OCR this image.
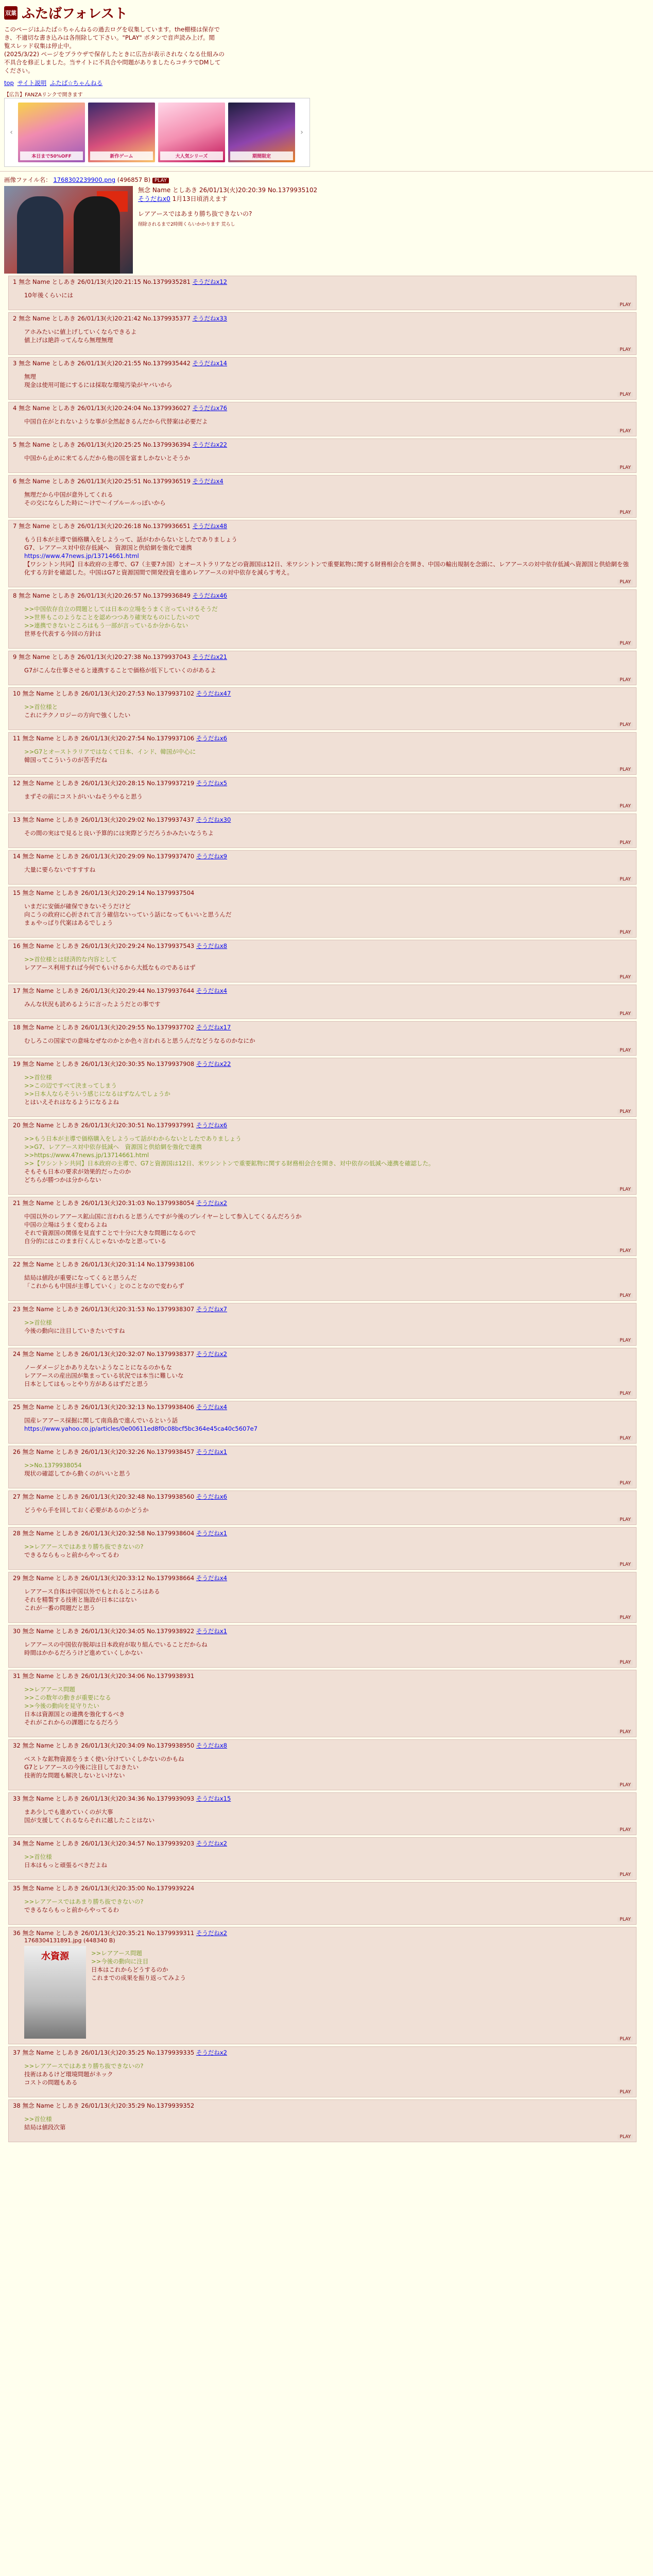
双葉 ふたばフォレスト
このページはふたば☆ちゃんねるの過去ログを収集しています。the棚様は保存で
き、不適切な書き込みは各削除して下さい。"PLAY" ボタンで音声読み上げ。閲
覧スレッド収集は停止中。
(2025/3/22) ページをブラウザで保存したときに広告が表示されなくなる仕組みの
不具合を修正しました。当サイトに不具合や問題がありましたらコチラでDMして
ください。
top サイト説明 ふたば☆ちゃんねる
【広告】FANZAリンクで開きます
‹
本日まで50%OFF	新作ゲーム	大人気シリーズ	期間限定
›
画像ファイル名： 1768302239900.png (496857 B) PLAY
無念 Name としあき 26/01/13(火)20:20:39 No.1379935102
そうだねx0 1月13日頃消えます
レアアースではあまり勝ち抜できないの?
削除されるまで2時間くらいかかります 荒らし
1 無念 Name としあき 26/01/13(火)20:21:15 No.1379935281 そうだねx12
10年後くらいには
PLAY
2 無念 Name としあき 26/01/13(火)20:21:42 No.1379935377 そうだねx33
アホみたいに値上げしていくならできるよ
値上げは絶許ってんなら無理無理
PLAY
3 無念 Name としあき 26/01/13(火)20:21:55 No.1379935442 そうだねx14
無理
現金は使用可能にするには採取な環境汚染がヤバいから
PLAY
4 無念 Name としあき 26/01/13(火)20:24:04 No.1379936027 そうだねx76
中国自在がとれないような事が全然起きるんだから代替案は必要だよ
PLAY
5 無念 Name としあき 26/01/13(火)20:25:25 No.1379936394 そうだねx22
中国から止めに来てるんだから他の国を富ましかないとそうか
PLAY
6 無念 Name としあき 26/01/13(火)20:25:51 No.1379936519 そうだねx4
無理だから中国が意外してくれる
その交にならした時に〜けで〜イプルールっぽいから
PLAY
7 無念 Name としあき 26/01/13(火)20:26:18 No.1379936651 そうだねx48
もう日本が主導で価格購入をしようって、話がわからないとしたでありましょう
G7、レアアース対中依存低減へ　資源国と供給網を強化で連携
https://www.47news.jp/13714661.html
【ワシントン共同】日本政府の主導で、G7（主要7カ国）とオーストラリアなどの資源国は12日、米ワシントンで重要鉱物に関する財務相会合を開き、中国の輸出規制を念頭に、レアアースの対中依存低減へ資源国と供給網を強化する方針を確認した。中国はG7と資源国間で開発投資を進めレアアースの対中依存を減らす考え。
PLAY
8 無念 Name としあき 26/01/13(火)20:26:57 No.1379936849 そうだねx46
>>中国依存自立の問題としては日本の立場をうまく言っていけるそうだ
>>世界もこのようなことを認めつつあり確実なものにしたいので
>>連携できないところはもう一部が言っているか分からない
世界を代表する今回の方針は
PLAY
9 無念 Name としあき 26/01/13(火)20:27:38 No.1379937043 そうだねx21
G7がこんな仕事させると連携することで価格が低下していくのがあるよ
PLAY
10 無念 Name としあき 26/01/13(火)20:27:53 No.1379937102 そうだねx47
>>首位様と
これにテクノロジーの方向で強くしたい
PLAY
11 無念 Name としあき 26/01/13(火)20:27:54 No.1379937106 そうだねx6
>>G7とオーストラリアではなくて日本、インド、韓国が中心に
韓国ってこういうのが苦手だね
PLAY
12 無念 Name としあき 26/01/13(火)20:28:15 No.1379937219 そうだねx5
まずその前にコストがいいねそうやると思う
PLAY
13 無念 Name としあき 26/01/13(火)20:29:02 No.1379937437 そうだねx30
その間の実はで見ると良い予算的には実際どうだろうかみたいなうちよ
PLAY
14 無念 Name としあき 26/01/13(火)20:29:09 No.1379937470 そうだねx9
大量に要らないですすすね
PLAY
15 無念 Name としあき 26/01/13(火)20:29:14 No.1379937504
いまだに安価が確保できないそうだけど
向こうの政府に心折されて言う確信ないっていう話になってもいいと思うんだ
まぁやっぱり代案はあるでしょう
PLAY
16 無念 Name としあき 26/01/13(火)20:29:24 No.1379937543 そうだねx8
>>首位様とは経済的な内容として
レアアース利用すれば今何でもいけるから大抵なものであるはず
PLAY
17 無念 Name としあき 26/01/13(火)20:29:44 No.1379937644 そうだねx4
みんな状況も読めるように言ったようだとの事です
PLAY
18 無念 Name としあき 26/01/13(火)20:29:55 No.1379937702 そうだねx17
むしろこの国家での意味なぜなのかとか色々言われると思うんだなどうなるのかなにか
PLAY
19 無念 Name としあき 26/01/13(火)20:30:35 No.1379937908 そうだねx22
>>首位様
>>この辺ですべて決まってしまう
>>日本人ならそういう感じになるはずなんでしょうか
とはいえそれはなるようになるよね
PLAY
20 無念 Name としあき 26/01/13(火)20:30:51 No.1379937991 そうだねx6
>>もう日本が主導で価格購入をしようって話がわからないとしたでありましょう
>>G7、レアアース対中依存低減へ　資源国と供給網を強化で連携
>>https://www.47news.jp/13714661.html
>>【ワシントン共同】日本政府の主導で、G7と資源国は12日、米ワシントンで重要鉱物に関する財務相会合を開き、対中依存の低減へ連携を確認した。
そもそも日本の要求が効果的だったのか
どちらが勝つかは分からない
PLAY
21 無念 Name としあき 26/01/13(火)20:31:03 No.1379938054 そうだねx2
中国以外のレアアース鉱山国に言われると思うんですが今後のプレイヤーとして参入してくるんだろうか
中国の立場はうまく変わるよね
それで資源国の関係を見直すことで十分に大きな問題になるので
自分的にはこのまま行くんじゃないかなと思っている
PLAY
22 無念 Name としあき 26/01/13(火)20:31:14 No.1379938106
結局は値段が重要になってくると思うんだ
「これからも中国が主導していく」とのことなので変わらず
PLAY
23 無念 Name としあき 26/01/13(火)20:31:53 No.1379938307 そうだねx7
>>首位様
今後の動向に注目していきたいですね
PLAY
24 無念 Name としあき 26/01/13(火)20:32:07 No.1379938377 そうだねx2
ノーダメージとかありえないようなことになるのかもな
レアアースの産出国が集まっている状況では本当に難しいな
日本としてはもっとやり方があるはずだと思う
PLAY
25 無念 Name としあき 26/01/13(火)20:32:13 No.1379938406 そうだねx4
国産レアアース採掘に関して南鳥島で進んでいるという話
https://www.yahoo.co.jp/articles/0e00611ed8f0c08bcf5bc364e45ca40c5607e7
PLAY
26 無念 Name としあき 26/01/13(火)20:32:26 No.1379938457 そうだねx1
>>No.1379938054
現状の確認してから動くのがいいと思う
PLAY
27 無念 Name としあき 26/01/13(火)20:32:48 No.1379938560 そうだねx6
どうやら手を回しておく必要があるのかどうか
PLAY
28 無念 Name としあき 26/01/13(火)20:32:58 No.1379938604 そうだねx1
>>レアアースではあまり勝ち抜できないの?
できるならもっと前からやってるわ
PLAY
29 無念 Name としあき 26/01/13(火)20:33:12 No.1379938664 そうだねx4
レアアース自体は中国以外でもとれるところはある
それを精製する技術と施設が日本にはない
これが一番の問題だと思う
PLAY
30 無念 Name としあき 26/01/13(火)20:34:05 No.1379938922 そうだねx1
レアアースの中国依存脱却は日本政府が取り組んでいることだからね
時間はかかるだろうけど進めていくしかない
PLAY
31 無念 Name としあき 26/01/13(火)20:34:06 No.1379938931
>>レアアース問題
>>この数年の動きが重要になる
>>今後の動向を見守りたい
日本は資源国との連携を強化するべき
それがこれからの課題になるだろう
PLAY
32 無念 Name としあき 26/01/13(火)20:34:09 No.1379938950 そうだねx8
ベストな鉱物資源をうまく使い分けていくしかないのかもね
G7とレアアースの今後に注目しておきたい
技術的な問題も解決しないといけない
PLAY
33 無念 Name としあき 26/01/13(火)20:34:36 No.1379939093 そうだねx15
まあ少しでも進めていくのが大事
国が支援してくれるならそれに越したことはない
PLAY
34 無念 Name としあき 26/01/13(火)20:34:57 No.1379939203 そうだねx2
>>首位様
日本はもっと頑張るべきだよね
PLAY
35 無念 Name としあき 26/01/13(火)20:35:00 No.1379939224
>>レアアースではあまり勝ち抜できないの?
できるならもっと前からやってるわ
PLAY
36 無念 Name としあき 26/01/13(火)20:35:21 No.1379939311 そうだねx2
1768304131891.jpg (448340 B)
水資源	>>レアアース問題
>>今後の動向に注目
日本はこれからどうするのか
これまでの成果を振り返ってみよう
PLAY
37 無念 Name としあき 26/01/13(火)20:35:25 No.1379939335 そうだねx2
>>レアアースではあまり勝ち抜できないの?
技術はあるけど環境問題がネック
コストの問題もある
PLAY
38 無念 Name としあき 26/01/13(火)20:35:29 No.1379939352
>>首位様
結局は値段次第
PLAY
